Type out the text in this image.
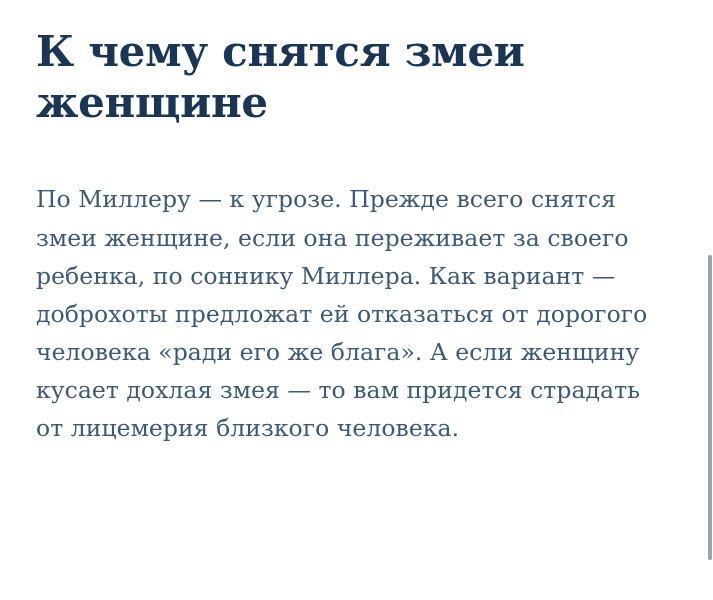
К чему снятся змеи женщине

По Миллеру — к угрозе. Прежде всего снятся змеи женщине, если она переживает за своего ребенка, по соннику Миллера. Как вариант — доброхоты предложат ей отказаться от дорогого человека «ради его же блага». А если женщину кусает дохлая змея — то вам придется страдать от лицемерия близкого человека.
